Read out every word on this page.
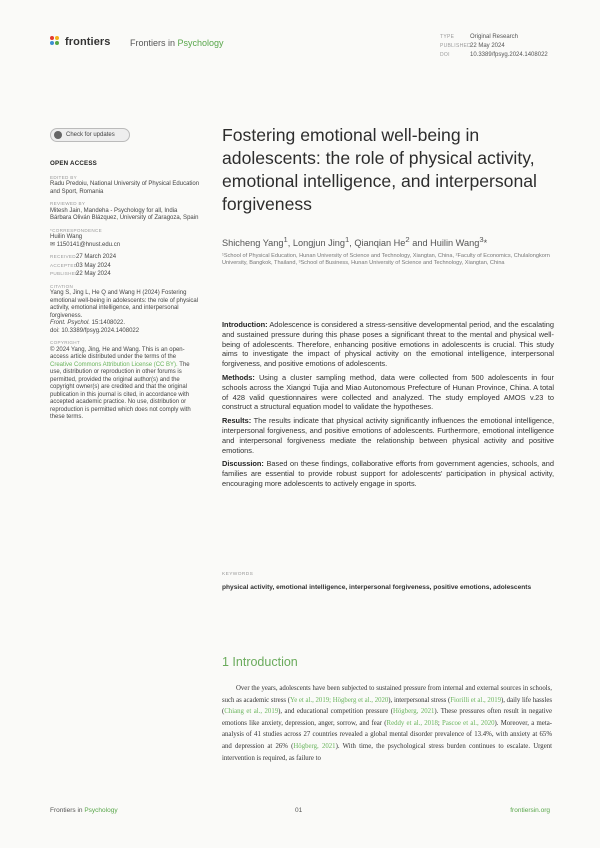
frontiers Frontiers in Psychology
TYPE	Original Research
PUBLISHED22 May 2024
DOI	10.3389/fpsyg.2024.1408022
Check for updates
OPEN ACCESS
EDITED BY
Radu Predoiu, National University of Physical Education and Sport, Romania
REVIEWED BY
Mitesh Jain, Mandeha - Psychology for all, India
Bárbara Oliván Blázquez, University of Zaragoza, Spain
*CORRESPONDENCE
Huilin Wang
✉ 1150141@hnust.edu.cn
RECEIVED27 March 2024
ACCEPTED03 May 2024
PUBLISHED22 May 2024
CITATION
Yang S, Jing L, He Q and Wang H (2024) Fostering emotional well-being in adolescents: the role of physical activity, emotional intelligence, and interpersonal forgiveness.
Front. Psychol. 15:1408022.
doi: 10.3389/fpsyg.2024.1408022
COPYRIGHT
© 2024 Yang, Jing, He and Wang. This is an open-access article distributed under the terms of the Creative Commons Attribution License (CC BY). The use, distribution or reproduction in other forums is permitted, provided the original author(s) and the copyright owner(s) are credited and that the original publication in this journal is cited, in accordance with accepted academic practice. No use, distribution or reproduction is permitted which does not comply with these terms.
Fostering emotional well-being in adolescents: the role of physical activity, emotional intelligence, and interpersonal forgiveness
Shicheng Yang$^1$, Longjun Jing$^1$, Qianqian He$^2$ and Huilin Wang$^3$*
¹School of Physical Education, Hunan University of Science and Technology, Xiangtan, China, ²Faculty of Economics, Chulalongkorn University, Bangkok, Thailand, ³School of Business, Hunan University of Science and Technology, Xiangtan, China

Introduction: Adolescence is considered a stress-sensitive developmental period, and the escalating and sustained pressure during this phase poses a significant threat to the mental and physical well-being of adolescents. Therefore, enhancing positive emotions in adolescents is crucial. This study aims to investigate the impact of physical activity on the emotional intelligence, interpersonal forgiveness, and positive emotions of adolescents.

Methods: Using a cluster sampling method, data were collected from 500 adolescents in four schools across the Xiangxi Tujia and Miao Autonomous Prefecture of Hunan Province, China. A total of 428 valid questionnaires were collected and analyzed. The study employed AMOS v.23 to construct a structural equation model to validate the hypotheses.

Results: The results indicate that physical activity significantly influences the emotional intelligence, interpersonal forgiveness, and positive emotions of adolescents. Furthermore, emotional intelligence and interpersonal forgiveness mediate the relationship between physical activity and positive emotions.

Discussion: Based on these findings, collaborative efforts from government agencies, schools, and families are essential to provide robust support for adolescents' participation in physical activity, encouraging more adolescents to actively engage in sports.

KEYWORDS
physical activity, emotional intelligence, interpersonal forgiveness, positive emotions, adolescents
1 Introduction
Over the years, adolescents have been subjected to sustained pressure from internal and external sources in schools, such as academic stress (Ye et al., 2019; Högberg et al., 2020), interpersonal stress (Fiorilli et al., 2019), daily life hassles (Chiang et al., 2019), and educational competition pressure (Högberg, 2021). These pressures often result in negative emotions like anxiety, depression, anger, sorrow, and fear (Reddy et al., 2018; Pascoe et al., 2020). Moreover, a meta-analysis of 41 studies across 27 countries revealed a global mental disorder prevalence of 13.4%, with anxiety at 65% and depression at 26% (Högberg, 2021). With time, the psychological stress burden continues to escalate. Urgent intervention is required, as failure to
Frontiers in Psychology	01	frontiersin.org
